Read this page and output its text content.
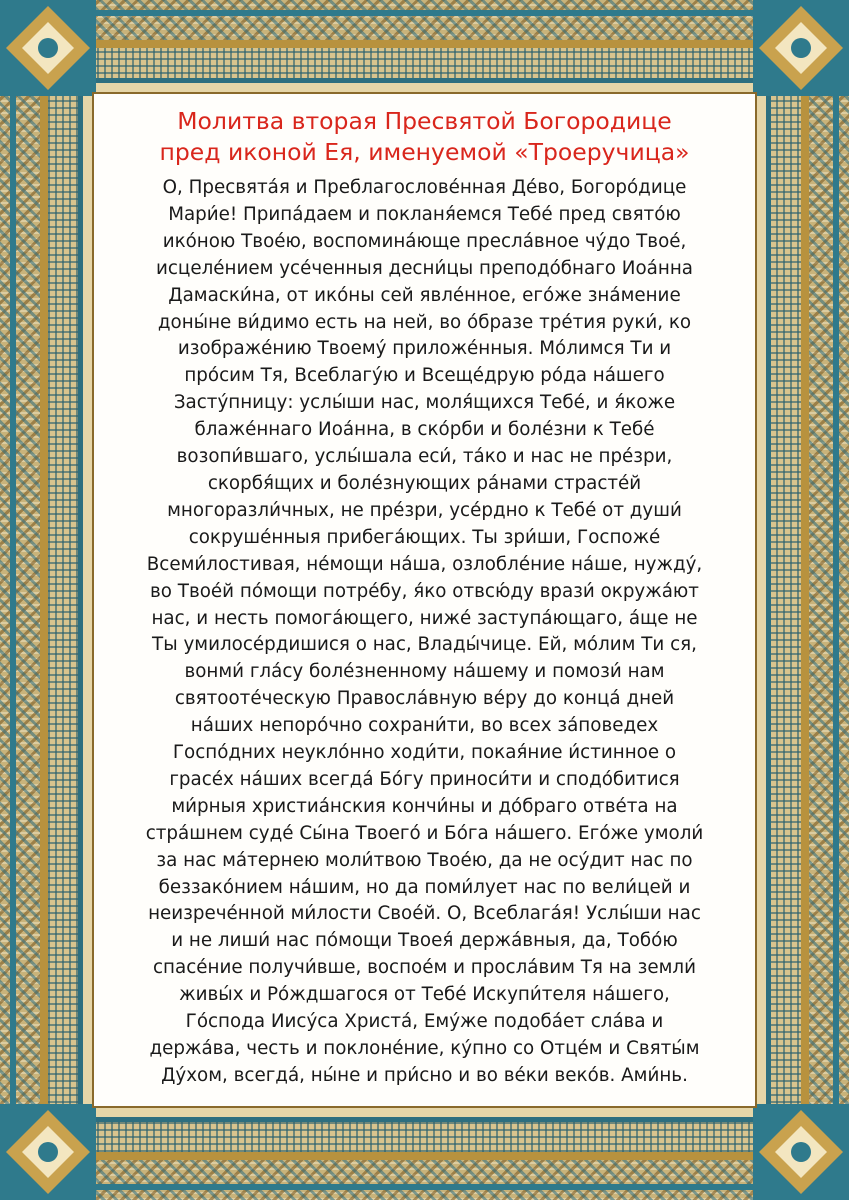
Молитва вторая Пресвятой Богородице
пред иконой Ея, именуемой «Троеручица»
О, Пресвята́я и Преблагослове́нная Де́во, Богоро́дице
Мари́е! Припа́даем и покланя́емся Тебе́ пред свято́ю
ико́ною Твое́ю, воспомина́юще пресла́вное чу́до Твое́,
исцеле́нием усе́ченныя десни́цы преподо́бнаго Иоа́нна
Дамаски́на, от ико́ны сей явле́нное, его́же зна́мение
доны́не ви́димо есть на ней, во о́бразе тре́тия руки́, ко
изображе́нию Твоему́ приложе́нныя. Мо́лимся Ти и
про́сим Тя, Всеблагу́ю и Всеще́друю ро́да на́шего
Засту́пницу: услы́ши нас, моля́щихся Тебе́, и я́коже
блаже́ннаго Иоа́нна, в ско́рби и боле́зни к Тебе́
возопи́вшаго, услы́шала еси́, та́ко и нас не пре́зри,
скорбя́щих и боле́знующих ра́нами страсте́й
многоразли́чных, не пре́зри, усе́рдно к Тебе́ от души́
сокруше́нныя прибега́ющих. Ты зри́ши, Госпоже́
Всеми́лостивая, не́мощи на́ша, озлобле́ние на́ше, нужду́,
во Твое́й по́мощи потре́бу, я́ко отвсю́ду врази́ окружа́ют
нас, и несть помога́ющего, ниже́ заступа́ющаго, а́ще не
Ты умилосе́рдишися о нас, Влады́чице. Ей, мо́лим Ти ся,
вонми́ гла́су боле́зненному на́шему и помози́ нам
святооте́ческую Правосла́вную ве́ру до конца́ дней
на́ших непоро́чно сохрани́ти, во всех за́поведех
Госпо́дних неукло́нно ходи́ти, покая́ние и́стинное о
грасе́х на́ших всегда́ Бо́гу приноси́ти и сподо́битися
ми́рныя христиа́нския кончи́ны и до́браго отве́та на
стра́шнем суде́ Сы́на Твоего́ и Бо́га на́шего. Его́же умоли́
за нас ма́тернею моли́твою Твое́ю, да не осу́дит нас по
беззако́нием на́шим, но да поми́лует нас по вели́цей и
неизрече́нной ми́лости Свое́й. О, Всеблага́я! Услы́ши нас
и не лиши́ нас по́мощи Твоея́ держа́вныя, да, Тобо́ю
спасе́ние получи́вше, воспое́м и просла́вим Тя на земли́
живы́х и Ро́ждшагося от Тебе́ Искупи́теля на́шего,
Го́спода Иису́са Христа́, Ему́же подоба́ет сла́ва и
держа́ва, честь и поклоне́ние, ку́пно со Отце́м и Святы́м
Ду́хом, всегда́, ны́не и при́сно и во ве́ки веко́в. Ами́нь.
